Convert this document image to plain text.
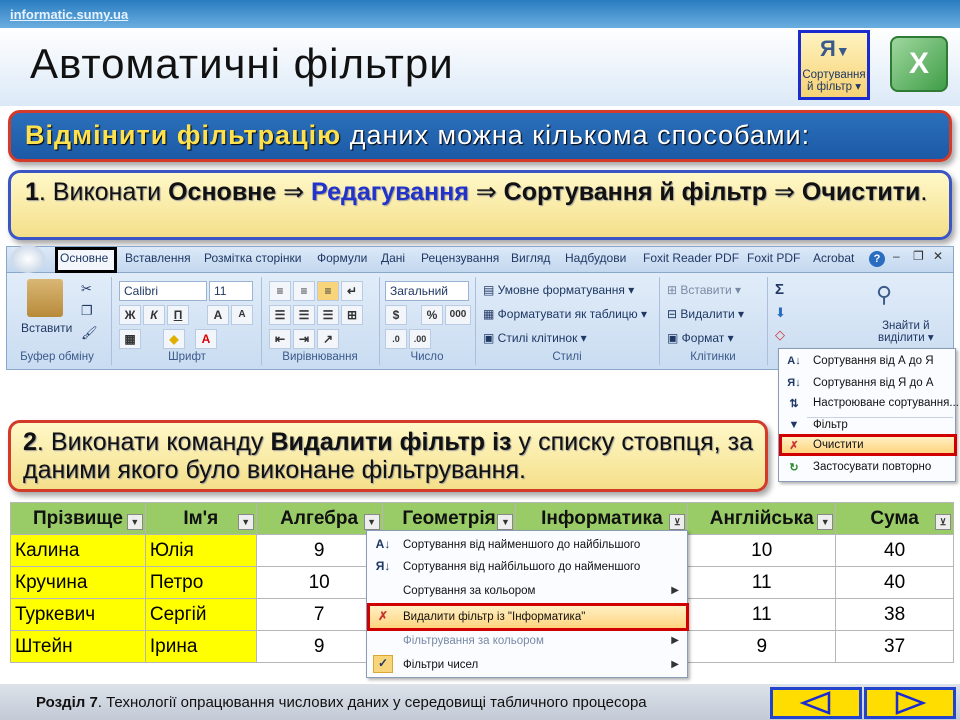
informatic.sumy.ua
Автоматичні фільтри	X
Відмінити фільтрацію даних можна кількома способами:
1. Виконати Основне ⇒ Редагування ⇒ Сортування й фільтр ⇒ Очистити.
Основне Вставлення Розмітка сторінки Формули Дані Рецензування Вигляд Надбудови Foxit Reader PDF Foxit PDF Acrobat	?	‒ ❐ ✕
Вставити
✂
❐
🖌
Буфер обміну
Calibri	11
Ж	К	П	A	A
▦	◆	A
Шрифт
≡	≡	≡	↵
☰	☰	☰	⊞
⇤	⇥	↗
Вирівнювання
Загальний
$	%	000
.0	.00
Число
▤ Умовне форматування ▾
▦ Форматувати як таблицю ▾
▣ Стилі клітинок ▾
Стилі
⊞ Вставити ▾
⊟ Видалити ▾
▣ Формат ▾
Клітинки
Σ
⬇
◇
Сортування
й фільтр ▾
Я▼
⚲
Знайти й
виділити ▾
A↓ Сортування від А до Я
Я↓ Сортування від Я до А
⇅	Настроюване сортування...
▼	Фільтр
✗	Очистити
↻	Застосувати повторно
2. Виконати команду Видалити фільтр із у списку стовпця, за даними якого було виконане фільтрування.
Прізвище ▼	Ім'я ▼	Алгебра ▼	Геометрія ▼	Інформатика ⊻	Англійська ▼	Сума ⊻

Калина	Юлія	9			10	40
Кручина	Петро	10			11	40
Туркевич	Сергій	7			11	38
Штейн	Ірина	9			9	37
A↓ Сортування від найменшого до найбільшого
Я↓ Сортування від найбільшого до найменшого
Сортування за кольором	▶
✗	Видалити фільтр із "Інформатика"
Фільтрування за кольором	▶
✓	Фільтри чисел	▶
Розділ 7. Технології опрацювання числових даних у середовищі табличного процесора
